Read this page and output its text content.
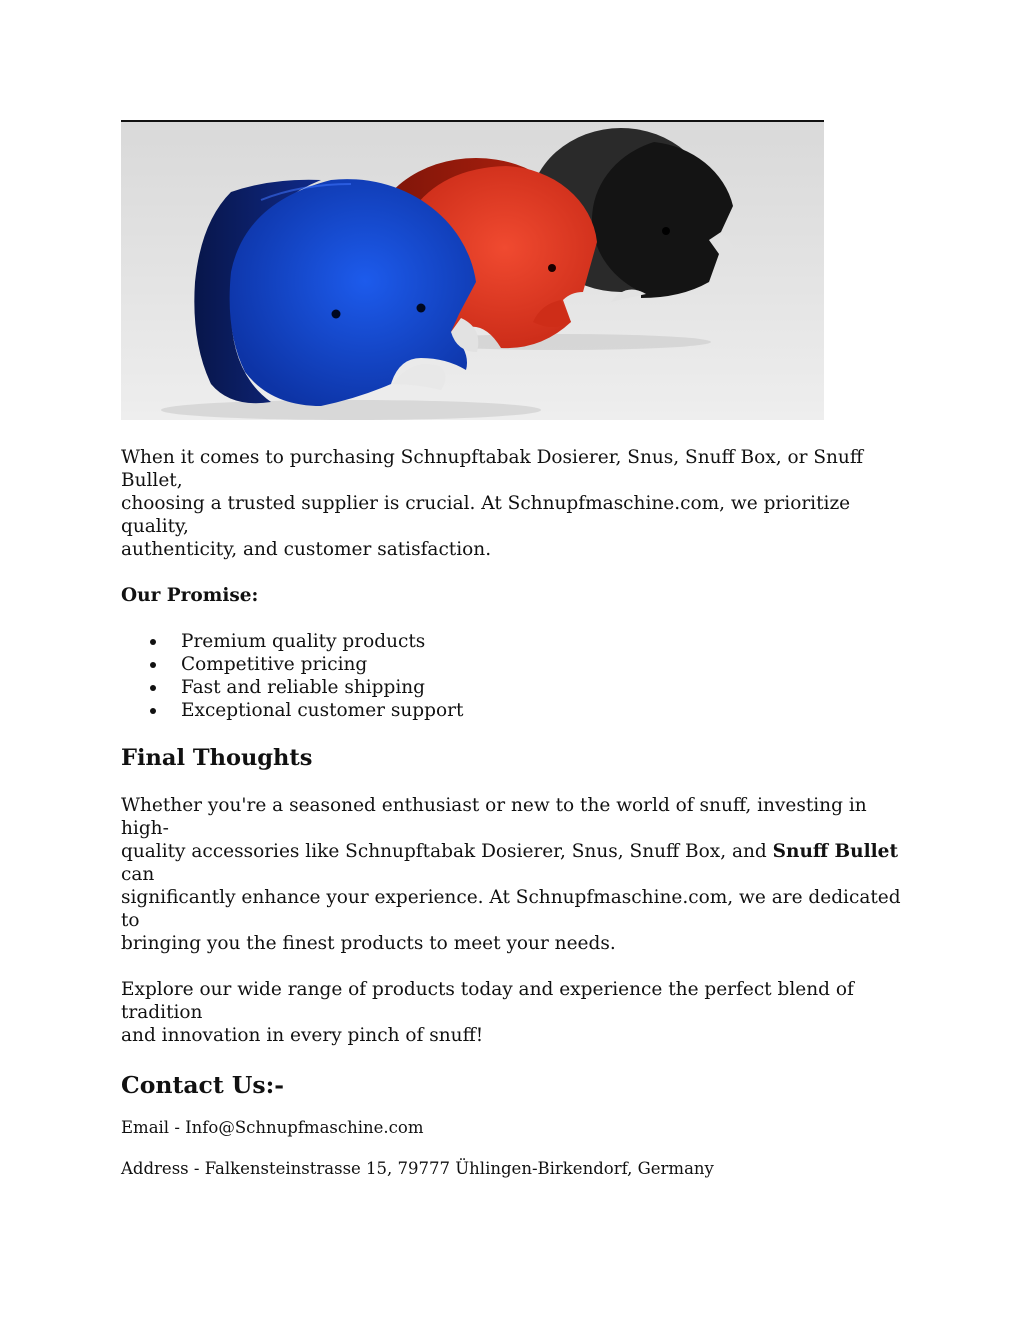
When it comes to purchasing Schnupftabak Dosierer, Snus, Snuff Box, or Snuff Bullet,
choosing a trusted supplier is crucial. At Schnupfmaschine.com, we prioritize quality,
authenticity, and customer satisfaction.

Our Promise:

Premium quality products
Competitive pricing
Fast and reliable shipping
Exceptional customer support
Final Thoughts

Whether you're a seasoned enthusiast or new to the world of snuff, investing in high-
quality accessories like Schnupftabak Dosierer, Snus, Snuff Box, and Snuff Bullet can
significantly enhance your experience. At Schnupfmaschine.com, we are dedicated to
bringing you the finest products to meet your needs.

Explore our wide range of products today and experience the perfect blend of tradition
and innovation in every pinch of snuff!

Contact Us:-

Email - Info@Schnupfmaschine.com

Address - Falkensteinstrasse 15, 79777 Ühlingen-Birkendorf, Germany
